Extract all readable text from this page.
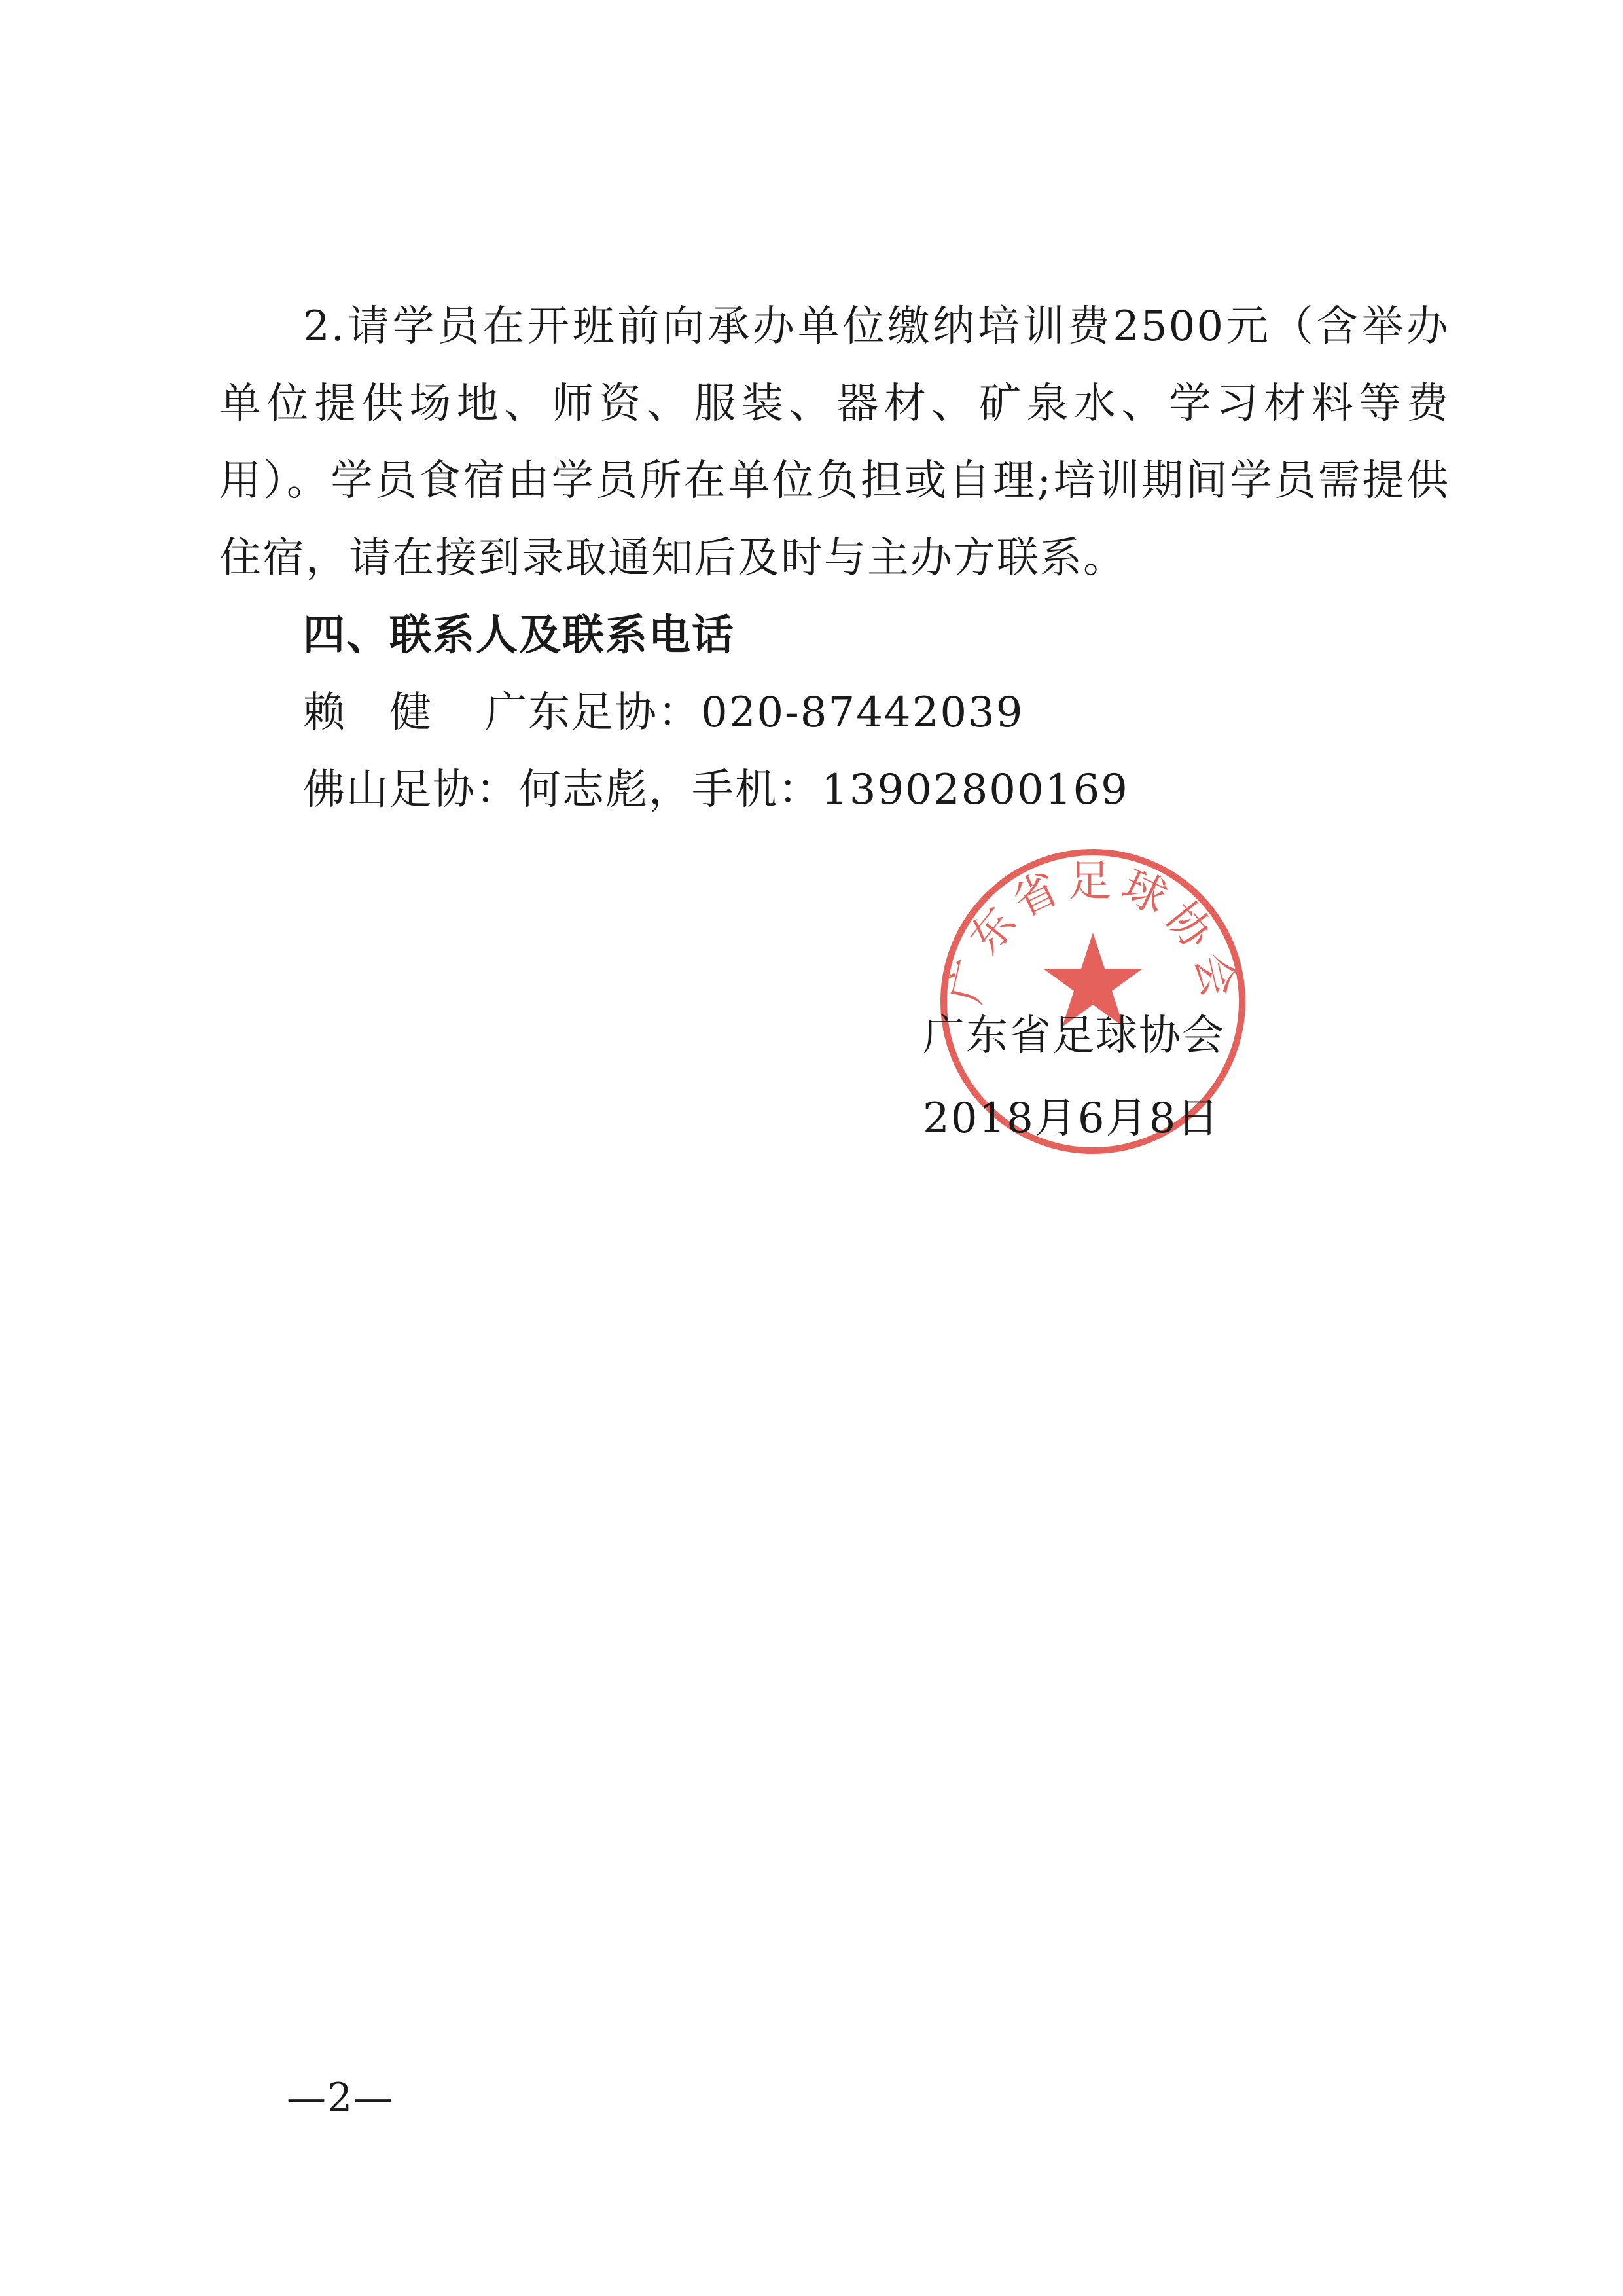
2.请学员在开班前向承办单位缴纳培训费2500元（含举办单位提供场地、师资、服装、器材、矿泉水、学习材料等费用）。学员食宿由学员所在单位负担或自理;培训期间学员需提供住宿，请在接到录取通知后及时与主办方联系。

四、联系人及联系电话

赖　健 广东足协：020-87442039

佛山足协：何志彪，手机：13902800169

广东省足球协会

广东省足球协会

2018月6月8日

—2—
